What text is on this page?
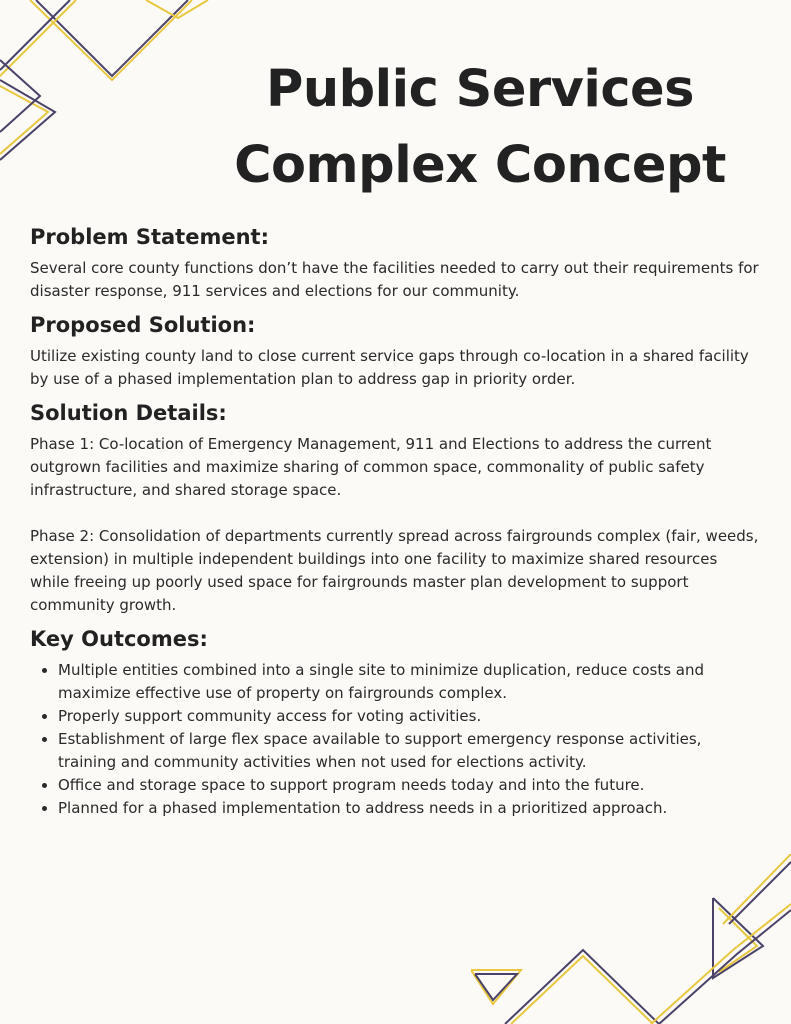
Public Services
Complex Concept
Problem Statement:

Several core county functions don’t have the facilities needed to carry out their requirements for disaster response, 911 services and elections for our community.

Proposed Solution:

Utilize existing county land to close current service gaps through co-location in a shared facility by use of a phased implementation plan to address gap in priority order.

Solution Details:

Phase 1: Co-location of Emergency Management, 911 and Elections to address the current outgrown facilities and maximize sharing of common space, commonality of public safety infrastructure, and shared storage space.

Phase 2: Consolidation of departments currently spread across fairgrounds complex (fair, weeds, extension) in multiple independent buildings into one facility to maximize shared resources while freeing up poorly used space for fairgrounds master plan development to support community growth.

Key Outcomes:
• Multiple entities combined into a single site to minimize duplication, reduce costs and maximize effective use of property on fairgrounds complex.
• Properly support community access for voting activities.
• Establishment of large flex space available to support emergency response activities, training and community activities when not used for elections activity.
• Office and storage space to support program needs today and into the future.
• Planned for a phased implementation to address needs in a prioritized approach.
